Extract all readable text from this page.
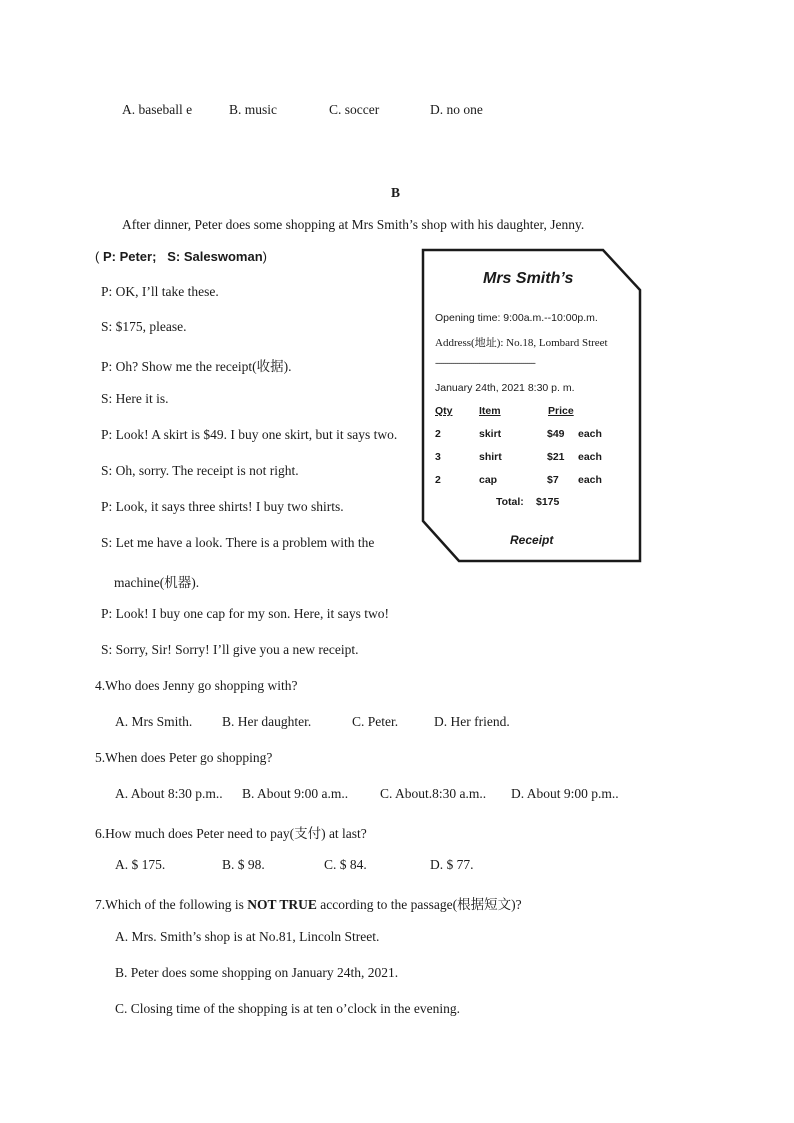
A. baseball e	B. music	C. soccer	D. no one
B
After dinner, Peter does some shopping at Mrs Smith’s shop with his daughter, Jenny.
( P: Peter; S: Saleswoman)
P: OK, I’ll take these.
S: $175, please.
P: Oh? Show me the receipt(收据).
S: Here it is.
P: Look! A skirt is $49. I buy one skirt, but it says two.
S: Oh, sorry. The receipt is not right.
P: Look, it says three shirts! I buy two shirts.
S: Let me have a look. There is a problem with the
machine(机器).
P: Look! I buy one cap for my son. Here, it says two!
S: Sorry, Sir! Sorry! I’ll give you a new receipt.
Mrs Smith’s
Opening time: 9:00a.m.--10:00p.m.
Address(地址): No.18, Lombard Street
--------------------------------------------------
January 24th, 2021 8:30 p. m.
Qty	Item	Price
2	skirt	$49 each
3	shirt	$21 each
2	cap	$7 each
Total: $175
Receipt
4.Who does Jenny go shopping with?
A. Mrs Smith. B. Her daughter.	C. Peter.	D. Her friend.
5.When does Peter go shopping?
A. About 8:30 p.m.. B. About 9:00 a.m.. C. About.8:30 a.m.. D. About 9:00 p.m..
6.How much does Peter need to pay(支付) at last?
A. $ 175.	B. $ 98.	C. $ 84.	D. $ 77.
7.Which of the following is NOT TRUE according to the passage(根据短文)?
A. Mrs. Smith’s shop is at No.81, Lincoln Street.
B. Peter does some shopping on January 24th, 2021.
C. Closing time of the shopping is at ten o’clock in the evening.
